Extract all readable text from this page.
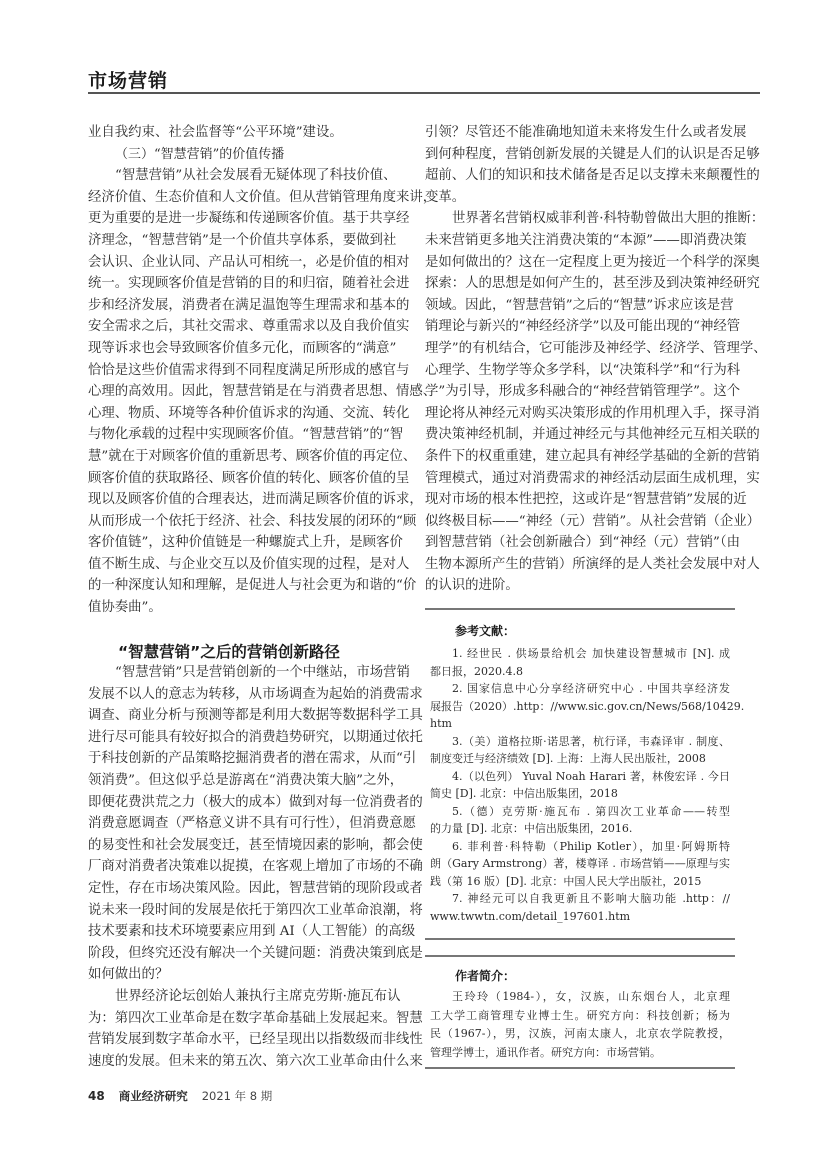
市场营销
业自我约束、社会监督等“公平环境”建设。
（三）“智慧营销”的价值传播
“智慧营销”从社会发展看无疑体现了科技价值、
经济价值、生态价值和人文价值。但从营销管理角度来讲，
更为重要的是进一步凝练和传递顾客价值。基于共享经
济理念，“智慧营销”是一个价值共享体系，要做到社
会认识、企业认同、产品认可相统一，必是价值的相对
统一。实现顾客价值是营销的目的和归宿，随着社会进
步和经济发展，消费者在满足温饱等生理需求和基本的
安全需求之后，其社交需求、尊重需求以及自我价值实
现等诉求也会导致顾客价值多元化，而顾客的“满意”
恰恰是这些价值需求得到不同程度满足所形成的感官与
心理的高效用。因此，智慧营销是在与消费者思想、情感、
心理、物质、环境等各种价值诉求的沟通、交流、转化
与物化承载的过程中实现顾客价值。“智慧营销”的“智
慧”就在于对顾客价值的重新思考、顾客价值的再定位、
顾客价值的获取路径、顾客价值的转化、顾客价值的呈
现以及顾客价值的合理表达，进而满足顾客价值的诉求，
从而形成一个依托于经济、社会、科技发展的闭环的“顾
客价值链”，这种价值链是一种螺旋式上升，是顾客价
值不断生成、与企业交互以及价值实现的过程，是对人
的一种深度认知和理解，是促进人与社会更为和谐的“价
值协奏曲”。
“智慧营销”之后的营销创新路径
“智慧营销”只是营销创新的一个中继站，市场营销
发展不以人的意志为转移，从市场调查为起始的消费需求
调查、商业分析与预测等都是利用大数据等数据科学工具
进行尽可能具有较好拟合的消费趋势研究，以期通过依托
于科技创新的产品策略挖掘消费者的潜在需求，从而“引
领消费”。但这似乎总是游离在“消费决策大脑”之外，
即便花费洪荒之力（极大的成本）做到对每一位消费者的
消费意愿调查（严格意义讲不具有可行性），但消费意愿
的易变性和社会发展变迁，甚至情境因素的影响，都会使
厂商对消费者决策难以捉摸，在客观上增加了市场的不确
定性，存在市场决策风险。因此，智慧营销的现阶段或者
说未来一段时间的发展是依托于第四次工业革命浪潮，将
技术要素和技术环境要素应用到 AI（人工智能）的高级
阶段，但终究还没有解决一个关键问题：消费决策到底是
如何做出的？
世界经济论坛创始人兼执行主席克劳斯·施瓦布认
为：第四次工业革命是在数字革命基础上发展起来。智慧
营销发展到数字革命水平，已经呈现出以指数级而非线性
速度的发展。但未来的第五次、第六次工业革命由什么来
引领？尽管还不能准确地知道未来将发生什么或者发展
到何种程度，营销创新发展的关键是人们的认识是否足够
超前、人们的知识和技术储备是否足以支撑未来颠覆性的
变革。
世界著名营销权威菲利普·科特勒曾做出大胆的推断：
未来营销更多地关注消费决策的“本源”——即消费决策
是如何做出的？这在一定程度上更为接近一个科学的深奥
探索：人的思想是如何产生的，甚至涉及到决策神经研究
领域。因此，“智慧营销”之后的“智慧”诉求应该是营
销理论与新兴的“神经经济学”以及可能出现的“神经管
理学”的有机结合，它可能涉及神经学、经济学、管理学、
心理学、生物学等众多学科，以“决策科学”和“行为科
学”为引导，形成多科融合的“神经营销管理学”。这个
理论将从神经元对购买决策形成的作用机理入手，探寻消
费决策神经机制，并通过神经元与其他神经元互相关联的
条件下的权重重建，建立起具有神经学基础的全新的营销
管理模式，通过对消费需求的神经活动层面生成机理，实
现对市场的根本性把控，这或许是“智慧营销”发展的近
似终极目标——“神经（元）营销”。从社会营销（企业）
到智慧营销（社会创新融合）到“神经（元）营销”（由
生物本源所产生的营销）所演绎的是人类社会发展中对人
的认识的进阶。
参考文献：
1. 经世民 . 供场景给机会 加快建设智慧城市 [N]. 成
都日报，2020.4.8
2. 国家信息中心分享经济研究中心 . 中国共享经济发
展报告（2020）.http：//www.sic.gov.cn/News/568/10429.
htm
3.（美）道格拉斯·诺思著，杭行译，韦森译审 . 制度、
制度变迁与经济绩效 [D]. 上海：上海人民出版社，2008
4.（以色列） Yuval Noah Harari 著，林俊宏译 . 今日
简史 [D]. 北京：中信出版集团，2018
5.（德）克劳斯·施瓦布 . 第四次工业革命——转型
的力量 [D]. 北京：中信出版集团，2016.
6. 菲利普·科特勒（Philip Kotler），加里·阿姆斯特
朗（Gary Armstrong）著，楼尊译 . 市场营销——原理与实
践（第 16 版）[D]. 北京：中国人民大学出版社，2015
7. 神经元可以自我更新且不影响大脑功能 .http：//
www.twwtn.com/detail_197601.htm
作者简介：
王玲玲（1984-），女，汉族，山东烟台人，北京理
工大学工商管理专业博士生。研究方向：科技创新；杨为
民（1967-），男，汉族，河南太康人，北京农学院教授，
管理学博士，通讯作者。研究方向：市场营销。
48 商业经济研究 2021 年 8 期
